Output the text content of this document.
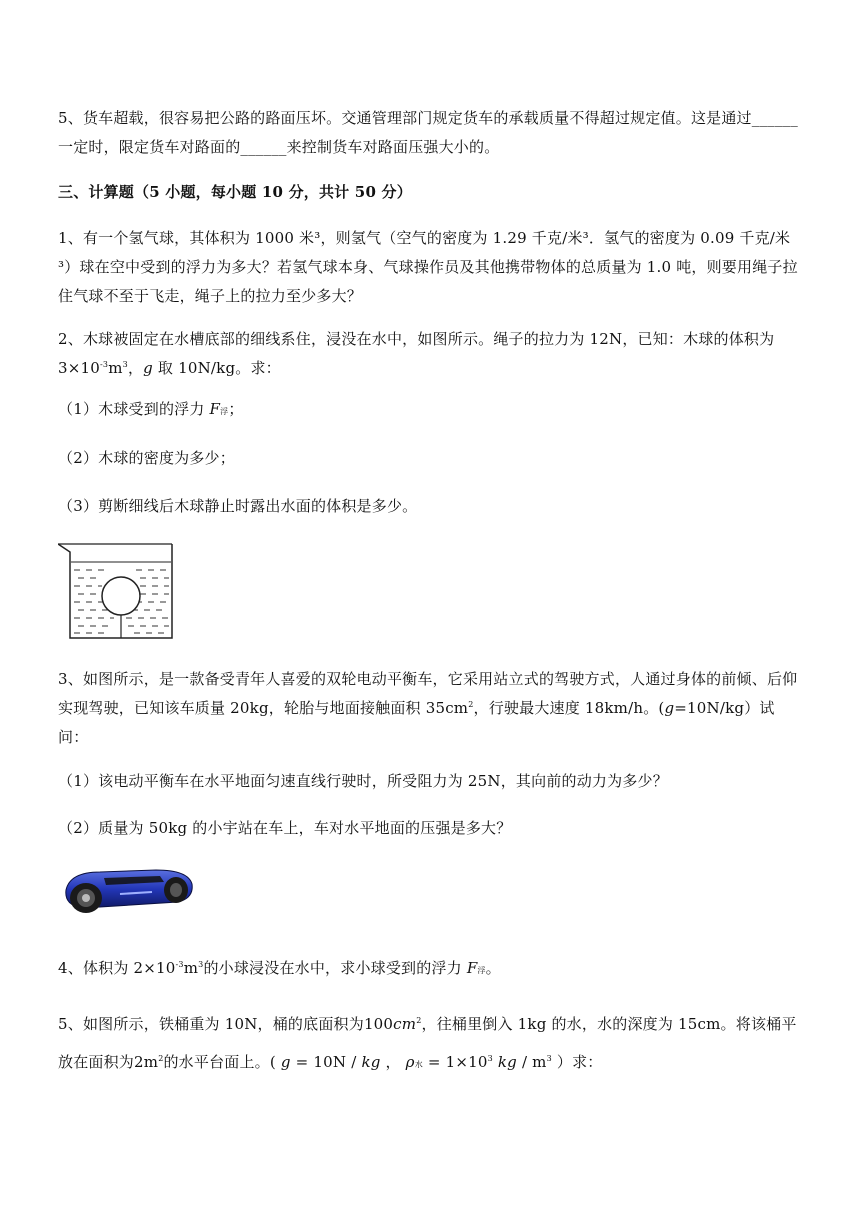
5、货车超载，很容易把公路的路面压坏。交通管理部门规定货车的承载质量不得超过规定值。这是通过______一定时，限定货车对路面的______来控制货车对路面压强大小的。
三、计算题（5 小题，每小题 10 分，共计 50 分）
1、有一个氢气球，其体积为 1000 米³，则氢气（空气的密度为 1.29 千克/米³．氢气的密度为 0.09 千克/米³）球在空中受到的浮力为多大？若氢气球本身、气球操作员及其他携带物体的总质量为 1.0 吨，则要用绳子拉住气球不至于飞走，绳子上的拉力至少多大？
2、木球被固定在水槽底部的细线系住，浸没在水中，如图所示。绳子的拉力为 12N，已知：木球的体积为 $3\times 10^{-3}m^3$，g 取 10N/kg。求：
（1）木球受到的浮力 F浮；
（2）木球的密度为多少；
（3）剪断细线后木球静止时露出水面的体积是多少。
3、如图所示，是一款备受青年人喜爱的双轮电动平衡车，它采用站立式的驾驶方式，人通过身体的前倾、后仰实现驾驶，已知该车质量 20kg，轮胎与地面接触面积 $35cm^2$，行驶最大速度 18km/h。(g=10N/kg）试问：
（1）该电动平衡车在水平地面匀速直线行驶时，所受阻力为 25N，其向前的动力为多少？
（2）质量为 50kg 的小宇站在车上，车对水平地面的压强是多大？
4、体积为 $2\times 10^{-3}m^3$的小球浸没在水中，求小球受到的浮力 F浮。
5、如图所示，铁桶重为 10N，桶的底面积为$100cm^2$，往桶里倒入 1kg 的水，水的深度为 15cm。将该桶平放在面积为$2m^2$的水平台面上。( g = 10N / kg ， ρ水 = $1\times 10^3$ kg / $m^3$ ）求：
